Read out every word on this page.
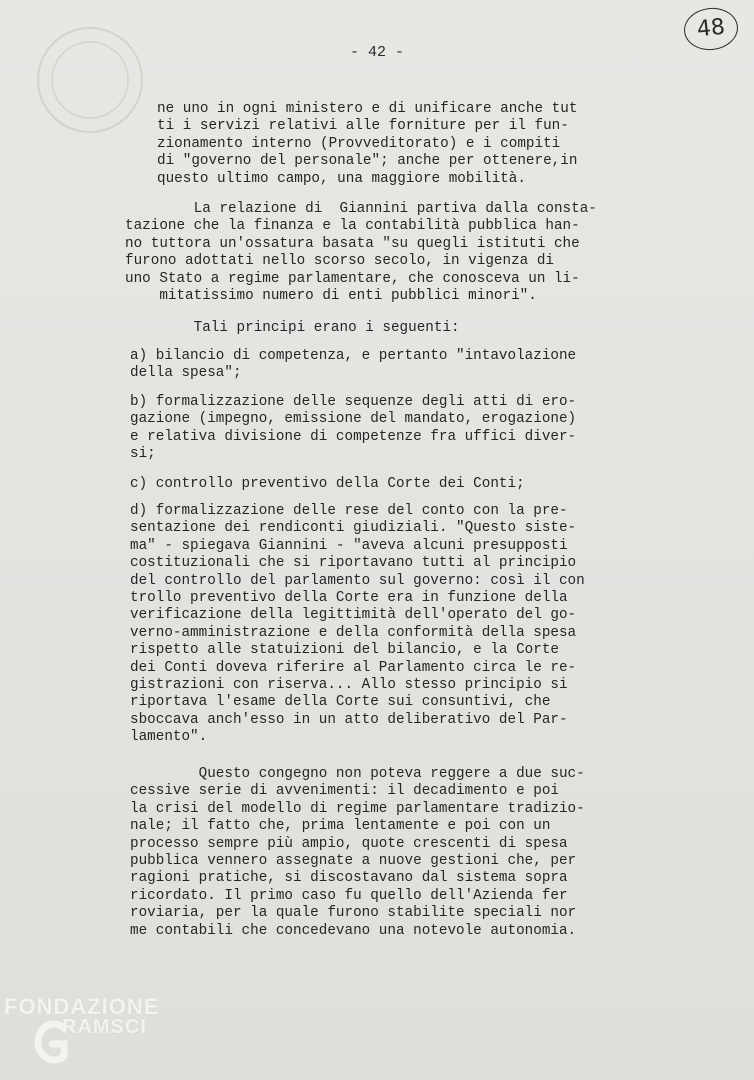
48
- 42 -
ne uno in ogni ministero e di unificare anche tut
ti i servizi relativi alle forniture per il fun-
zionamento interno (Provveditorato) e i compiti
di "governo del personale"; anche per ottenere,in
questo ultimo campo, una maggiore mobilità.
La relazione di  Giannini partiva dalla consta-
tazione che la finanza e la contabilità pubblica han-
no tuttora un'ossatura basata "su quegli istituti che
furono adottati nello scorso secolo, in vigenza di
uno Stato a regime parlamentare, che conosceva un li-
mitatissimo numero di enti pubblici minori".
Tali principi erano i seguenti:
a) bilancio di competenza, e pertanto "intavolazione
della spesa";
b) formalizzazione delle sequenze degli atti di ero-
gazione (impegno, emissione del mandato, erogazione)
e relativa divisione di competenze fra uffici diver-
si;
c) controllo preventivo della Corte dei Conti;
d) formalizzazione delle rese del conto con la pre-
sentazione dei rendiconti giudiziali. "Questo siste-
ma" - spiegava Giannini - "aveva alcuni presupposti
costituzionali che si riportavano tutti al principio
del controllo del parlamento sul governo: così il con
trollo preventivo della Corte era in funzione della
verificazione della legittimità dell'operato del go-
verno-amministrazione e della conformità della spesa
rispetto alle statuizioni del bilancio, e la Corte
dei Conti doveva riferire al Parlamento circa le re-
gistrazioni con riserva... Allo stesso principio si
riportava l'esame della Corte sui consuntivi, che
sboccava anch'esso in un atto deliberativo del Par-
lamento".
Questo congegno non poteva reggere a due suc-
cessive serie di avvenimenti: il decadimento e poi
la crisi del modello di regime parlamentare tradizio-
nale; il fatto che, prima lentamente e poi con un
processo sempre più ampio, quote crescenti di spesa
pubblica vennero assegnate a nuove gestioni che, per
ragioni pratiche, si discostavano dal sistema sopra
ricordato. Il primo caso fu quello dell'Azienda fer
roviaria, per la quale furono stabilite speciali nor
me contabili che concedevano una notevole autonomia.
FONDAZIONE
RAMSCI
